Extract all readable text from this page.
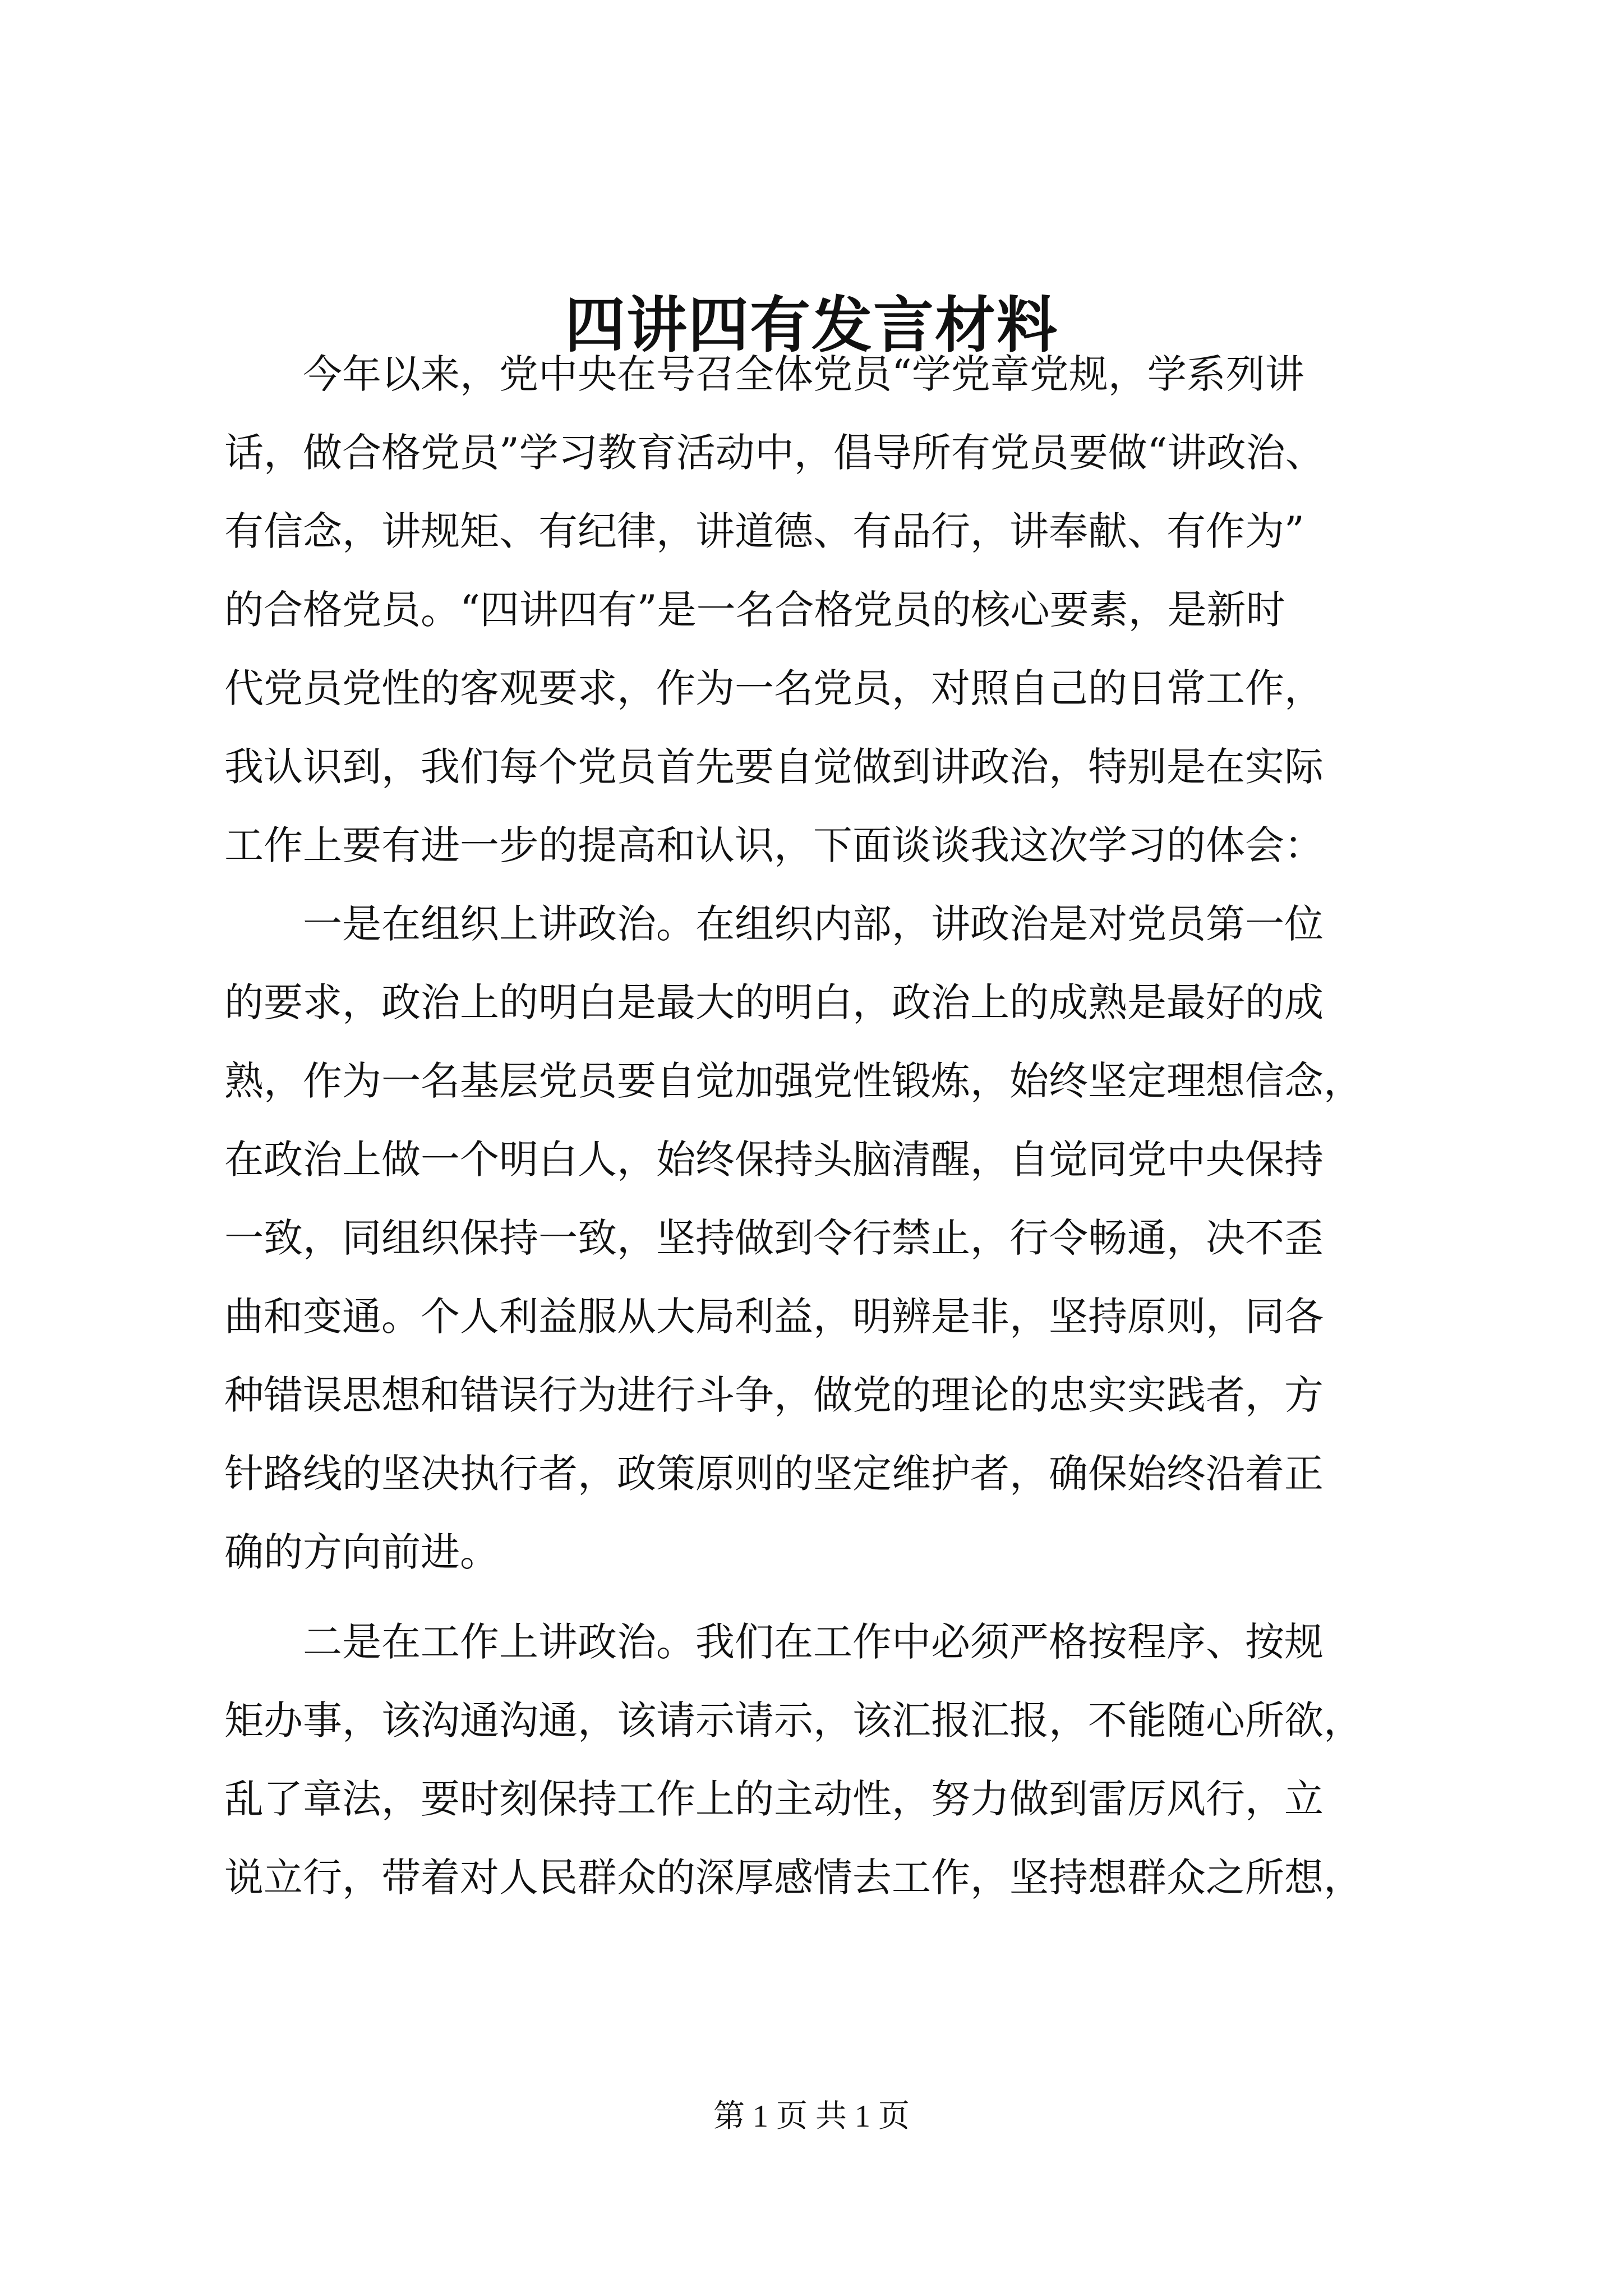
四讲四有发言材料

　　今年以来，党中央在号召全体党员“学党章党规，学系列讲

话，做合格党员”学习教育活动中，倡导所有党员要做“讲政治、

有信念，讲规矩、有纪律，讲道德、有品行，讲奉献、有作为”

的合格党员。“四讲四有”是一名合格党员的核心要素，是新时

代党员党性的客观要求，作为一名党员，对照自己的日常工作，

我认识到，我们每个党员首先要自觉做到讲政治，特别是在实际

工作上要有进一步的提高和认识，下面谈谈我这次学习的体会：

　　一是在组织上讲政治。在组织内部，讲政治是对党员第一位

的要求，政治上的明白是最大的明白，政治上的成熟是最好的成

熟，作为一名基层党员要自觉加强党性锻炼，始终坚定理想信念，

在政治上做一个明白人，始终保持头脑清醒，自觉同党中央保持

一致，同组织保持一致，坚持做到令行禁止，行令畅通，决不歪

曲和变通。个人利益服从大局利益，明辨是非，坚持原则，同各

种错误思想和错误行为进行斗争，做党的理论的忠实实践者，方

针路线的坚决执行者，政策原则的坚定维护者，确保始终沿着正

确的方向前进。

　　二是在工作上讲政治。我们在工作中必须严格按程序、按规

矩办事，该沟通沟通，该请示请示，该汇报汇报，不能随心所欲，

乱了章法，要时刻保持工作上的主动性，努力做到雷厉风行，立

说立行，带着对人民群众的深厚感情去工作，坚持想群众之所想，

第 1 页 共 1 页
